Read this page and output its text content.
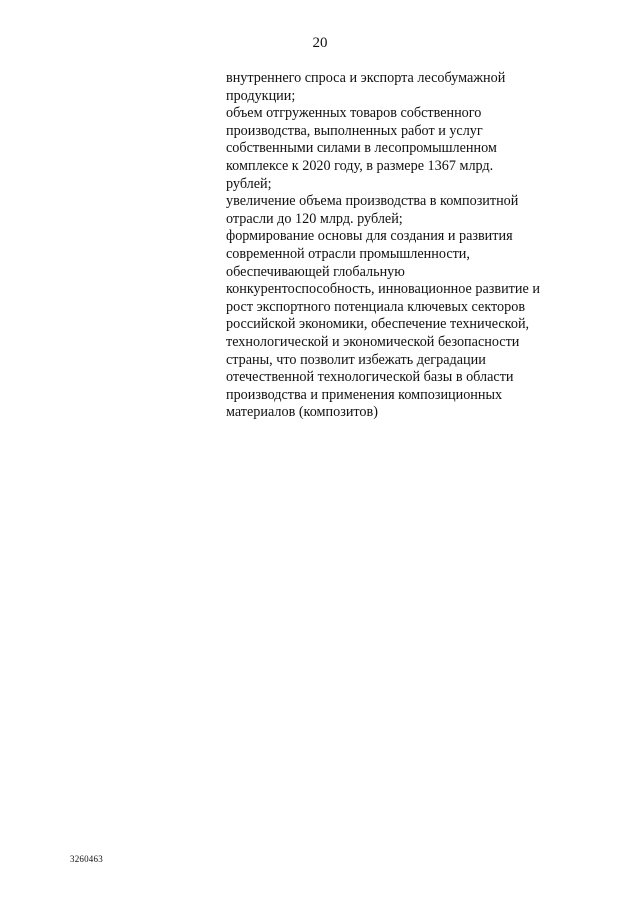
20
внутреннего спроса и экспорта лесобумажной
продукции;
объем отгруженных товаров собственного
производства, выполненных работ и услуг
собственными силами в лесопромышленном
комплексе к 2020 году, в размере 1367 млрд.
рублей;
увеличение объема производства в композитной
отрасли до 120 млрд. рублей;
формирование основы для создания и развития
современной отрасли промышленности,
обеспечивающей глобальную
конкурентоспособность, инновационное развитие и
рост экспортного потенциала ключевых секторов
российской экономики, обеспечение технической,
технологической и экономической безопасности
страны, что позволит избежать деградации
отечественной технологической базы в области
производства и применения композиционных
материалов (композитов)
3260463
